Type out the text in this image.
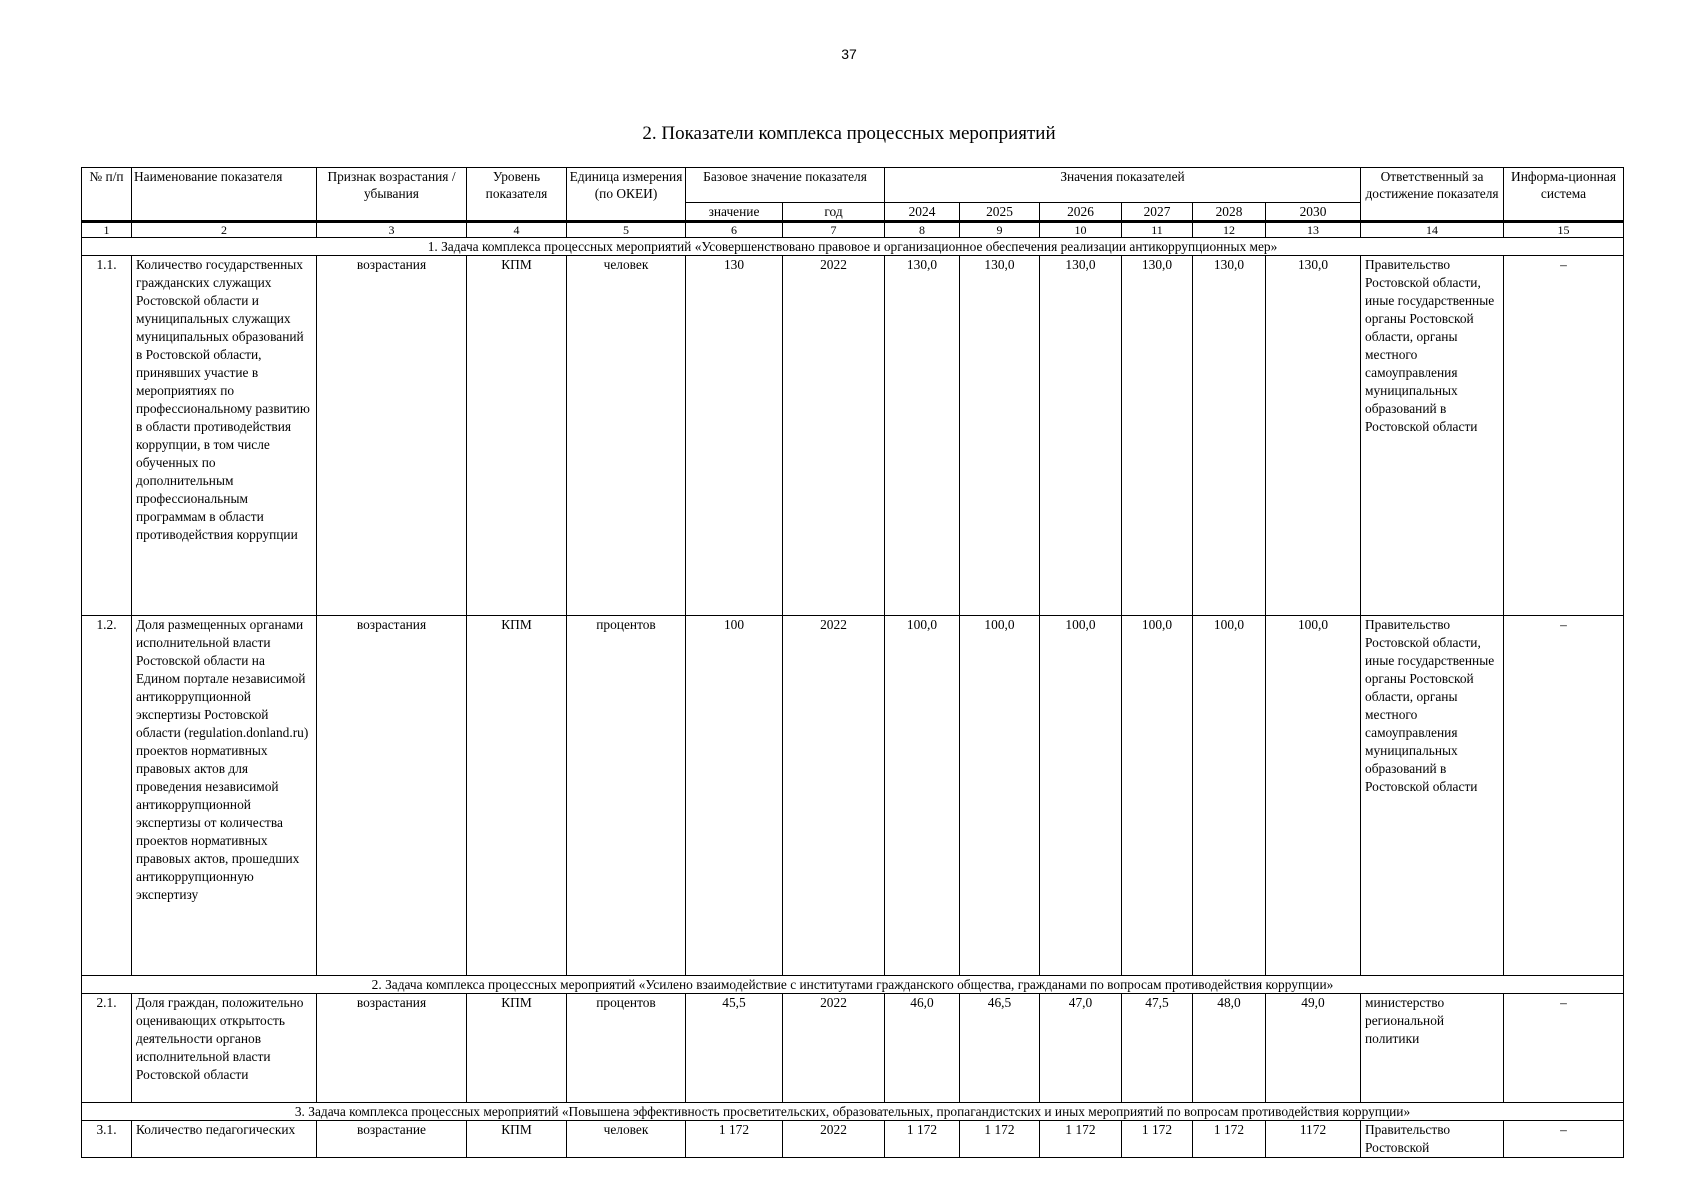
37
2. Показатели комплекса процессных мероприятий
№ п/п	Наименование показателя	Признак возрастания / убывания	Уровень показателя	Единица измерения (по ОКЕИ)	Базовое значение показателя		Значения показателей						Ответственный за достижение показателя	Информа-ционная система
					значение	год	2024	2025	2026	2027	2028	2030		
1	2	3	4	5	6	7	8	9	10	11	12	13	14	15
1. Задача комплекса процессных мероприятий «Усовершенствовано правовое и организационное обеспечения реализации антикоррупционных мер»														
1.1.	Количество государственных гражданских служащих Ростовской области и муниципальных служащих муниципальных образований в Ростовской области, принявших участие в мероприятиях по профессиональному развитию в области противодействия коррупции, в том числе обученных по дополнительным профессиональным программам в области противодействия коррупции	возрастания	КПМ	человек	130	2022	130,0	130,0	130,0	130,0	130,0	130,0	Правительство Ростовской области, иные государственные органы Ростовской области, органы местного самоуправления муниципальных образований в Ростовской области	–
1.2.	Доля размещенных органами исполнительной власти Ростовской области на Едином портале независимой антикоррупционной экспертизы Ростовской области (regulation.donland.ru) проектов нормативных правовых актов для проведения независимой антикоррупционной экспертизы от количества проектов нормативных правовых актов, прошедших антикоррупционную экспертизу	возрастания	КПМ	процентов	100	2022	100,0	100,0	100,0	100,0	100,0	100,0	Правительство Ростовской области, иные государственные органы Ростовской области, органы местного самоуправления муниципальных образований в Ростовской области	–
2. Задача комплекса процессных мероприятий «Усилено взаимодействие с институтами гражданского общества, гражданами по вопросам противодействия коррупции»														
2.1.	Доля граждан, положительно оценивающих открытость деятельности органов исполнительной власти Ростовской области	возрастания	КПМ	процентов	45,5	2022	46,0	46,5	47,0	47,5	48,0	49,0	министерство региональной политики	–
3. Задача комплекса процессных мероприятий «Повышена эффективность просветительских, образовательных, пропагандистских и иных мероприятий по вопросам противодействия коррупции»														
3.1.	Количество педагогических	возрастание	КПМ	человек	1 172	2022	1 172	1 172	1 172	1 172	1 172	1172	Правительство Ростовской	–
